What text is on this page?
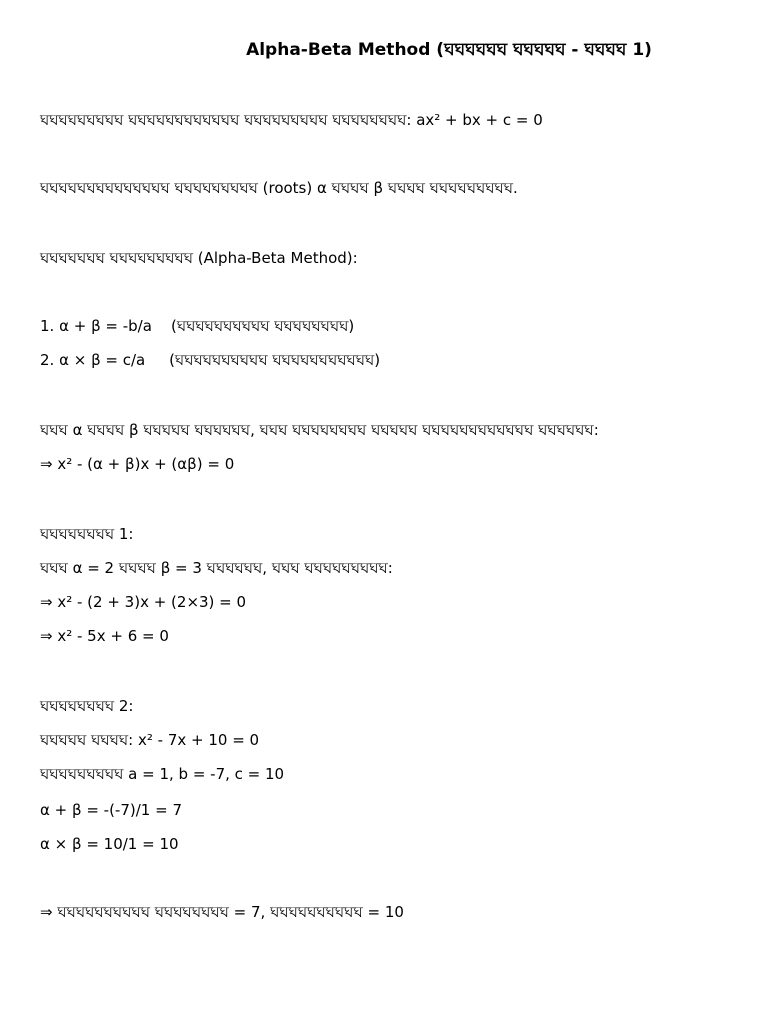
Alpha-Beta Method (ঘঘঘঘঘঘ ঘঘঘঘঘ - ঘঘঘঘ 1)
ঘঘঘঘঘঘঘঘঘ ঘঘঘঘঘঘঘঘঘঘঘঘ ঘঘঘঘঘঘঘঘঘ ঘঘঘঘঘঘঘঘ: ax² + bx + c = 0
ঘঘঘঘঘঘঘঘঘঘঘঘঘঘ ঘঘঘঘঘঘঘঘঘ (roots) α ঘঘঘঘ β ঘঘঘঘ ঘঘঘঘঘঘঘঘঘ.
ঘঘঘঘঘঘঘ ঘঘঘঘঘঘঘঘঘ (Alpha-Beta Method):
1. α + β = -b/a    (ঘঘঘঘঘঘঘঘঘঘ ঘঘঘঘঘঘঘঘ)
2. α × β = c/a     (ঘঘঘঘঘঘঘঘঘঘ ঘঘঘঘঘঘঘঘঘঘঘ)
ঘঘঘ α ঘঘঘঘ β ঘঘঘঘঘ ঘঘঘঘঘঘ, ঘঘঘ ঘঘঘঘঘঘঘঘ ঘঘঘঘঘ ঘঘঘঘঘঘঘঘঘঘঘঘ ঘঘঘঘঘঘ:
⇒ x² - (α + β)x + (αβ) = 0
ঘঘঘঘঘঘঘঘ 1:
ঘঘঘ α = 2 ঘঘঘঘ β = 3 ঘঘঘঘঘঘ, ঘঘঘ ঘঘঘঘঘঘঘঘঘ:
⇒ x² - (2 + 3)x + (2×3) = 0
⇒ x² - 5x + 6 = 0
ঘঘঘঘঘঘঘঘ 2:
ঘঘঘঘঘ ঘঘঘঘ: x² - 7x + 10 = 0
ঘঘঘঘঘঘঘঘঘ a = 1, b = -7, c = 10
α + β = -(-7)/1 = 7
α × β = 10/1 = 10
⇒ ঘঘঘঘঘঘঘঘঘঘ ঘঘঘঘঘঘঘঘ = 7, ঘঘঘঘঘঘঘঘঘঘ = 10
